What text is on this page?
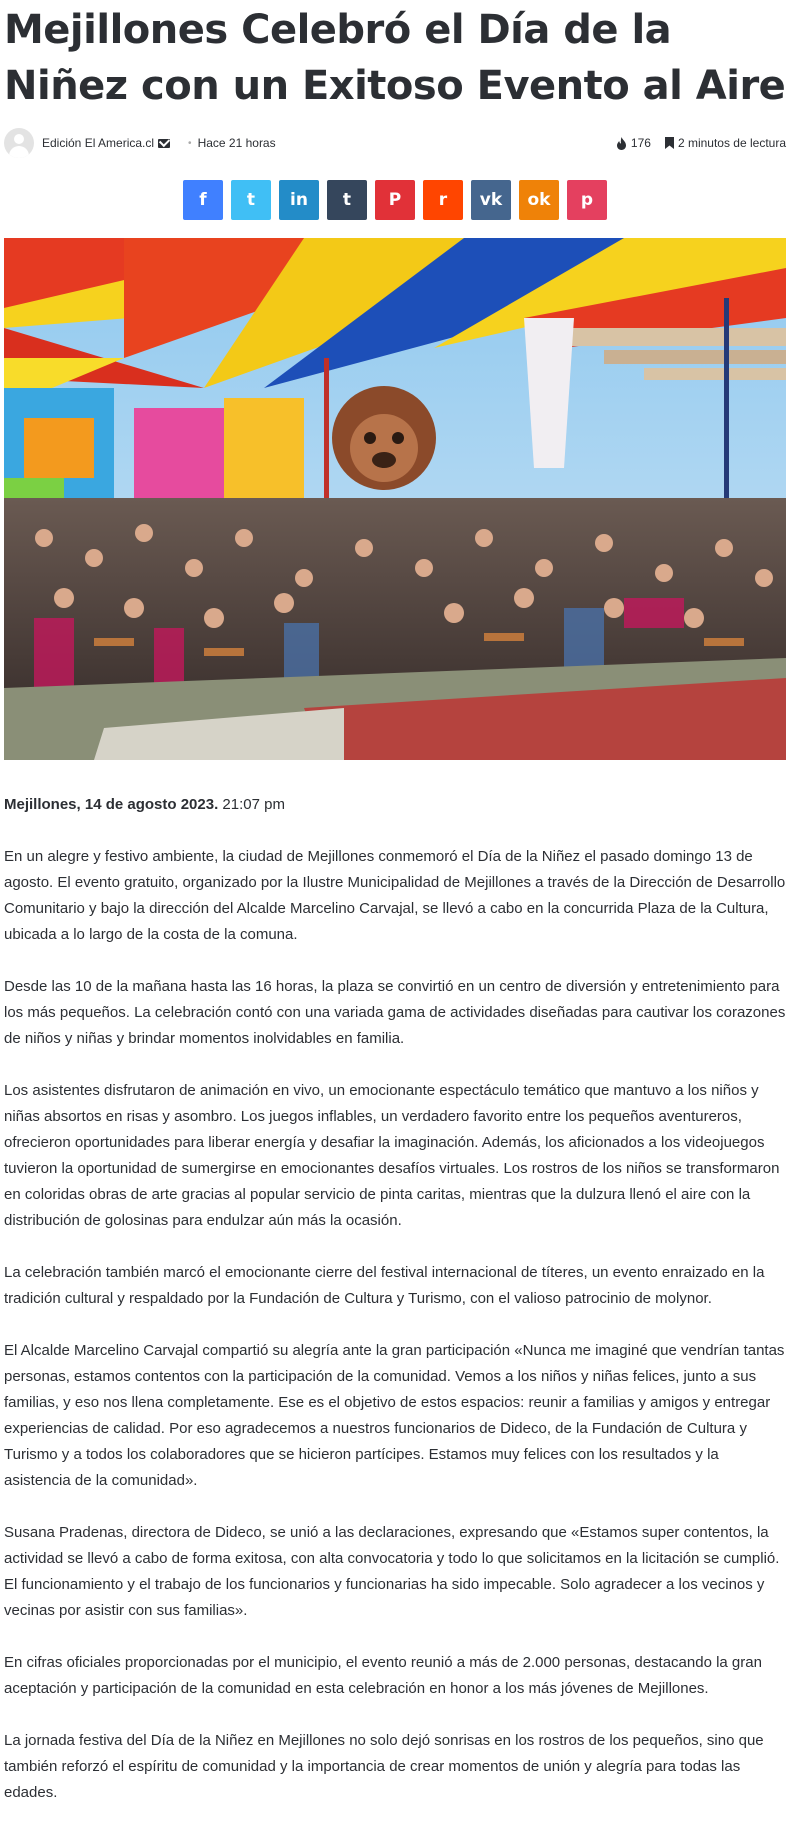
Mejillones Celebró el Día de la Niñez con un Exitoso Evento al Aire
Edición El America.cl	• Hace 21 horas	176 2 minutos de lectura
f t in t P r vk ok p

Mejillones, 14 de agosto 2023. 21:07 pm

En un alegre y festivo ambiente, la ciudad de Mejillones conmemoró el Día de la Niñez el pasado domingo 13 de agosto. El evento gratuito, organizado por la Ilustre Municipalidad de Mejillones a través de la Dirección de Desarrollo Comunitario y bajo la dirección del Alcalde Marcelino Carvajal, se llevó a cabo en la concurrida Plaza de la Cultura, ubicada a lo largo de la costa de la comuna.

Desde las 10 de la mañana hasta las 16 horas, la plaza se convirtió en un centro de diversión y entretenimiento para los más pequeños. La celebración contó con una variada gama de actividades diseñadas para cautivar los corazones de niños y niñas y brindar momentos inolvidables en familia.

Los asistentes disfrutaron de animación en vivo, un emocionante espectáculo temático que mantuvo a los niños y niñas absortos en risas y asombro. Los juegos inflables, un verdadero favorito entre los pequeños aventureros, ofrecieron oportunidades para liberar energía y desafiar la imaginación. Además, los aficionados a los videojuegos tuvieron la oportunidad de sumergirse en emocionantes desafíos virtuales. Los rostros de los niños se transformaron en coloridas obras de arte gracias al popular servicio de pinta caritas, mientras que la dulzura llenó el aire con la distribución de golosinas para endulzar aún más la ocasión.

La celebración también marcó el emocionante cierre del festival internacional de títeres, un evento enraizado en la tradición cultural y respaldado por la Fundación de Cultura y Turismo, con el valioso patrocinio de molynor.

El Alcalde Marcelino Carvajal compartió su alegría ante la gran participación «Nunca me imaginé que vendrían tantas personas, estamos contentos con la participación de la comunidad. Vemos a los niños y niñas felices, junto a sus familias, y eso nos llena completamente. Ese es el objetivo de estos espacios: reunir a familias y amigos y entregar experiencias de calidad. Por eso agradecemos a nuestros funcionarios de Dideco, de la Fundación de Cultura y Turismo y a todos los colaboradores que se hicieron partícipes. Estamos muy felices con los resultados y la asistencia de la comunidad».

Susana Pradenas, directora de Dideco, se unió a las declaraciones, expresando que «Estamos super contentos, la actividad se llevó a cabo de forma exitosa, con alta convocatoria y todo lo que solicitamos en la licitación se cumplió. El funcionamiento y el trabajo de los funcionarios y funcionarias ha sido impecable. Solo agradecer a los vecinos y vecinas por asistir con sus familias».

En cifras oficiales proporcionadas por el municipio, el evento reunió a más de 2.000 personas, destacando la gran aceptación y participación de la comunidad en esta celebración en honor a los más jóvenes de Mejillones.

La jornada festiva del Día de la Niñez en Mejillones no solo dejó sonrisas en los rostros de los pequeños, sino que también reforzó el espíritu de comunidad y la importancia de crear momentos de unión y alegría para todas las edades.
